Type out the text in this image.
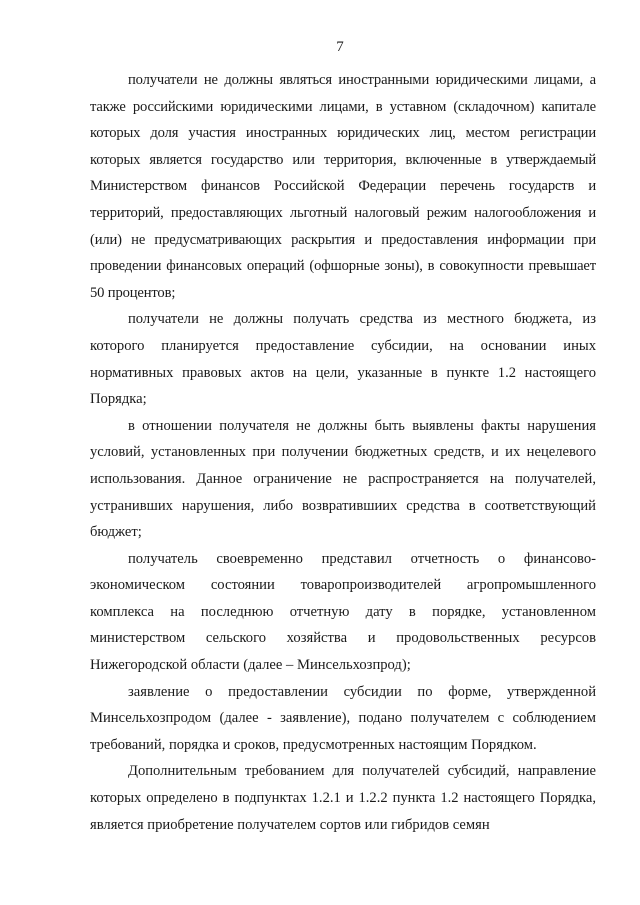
7

получатели не должны являться иностранными юридическими лицами, а также российскими юридическими лицами, в уставном (складочном) капитале которых доля участия иностранных юридических лиц, местом регистрации которых является государство или территория, включенные в утверждаемый Министерством финансов Российской Федерации перечень государств и территорий, предоставляющих льготный налоговый режим налогообложения и (или) не предусматривающих раскрытия и предоставления информации при проведении финансовых операций (офшорные зоны), в совокупности превышает 50 процентов;

получатели не должны получать средства из местного бюджета, из которого планируется предоставление субсидии, на основании иных нормативных правовых актов на цели, указанные в пункте 1.2 настоящего Порядка;

в отношении получателя не должны быть выявлены факты нарушения условий, установленных при получении бюджетных средств, и их нецелевого использования. Данное ограничение не распространяется на получателей, устранивших нарушения, либо возвратившиих средства в соответствующий бюджет;

получатель своевременно представил отчетность о финансово-экономическом состоянии товаропроизводителей агропромышленного комплекса на последнюю отчетную дату в порядке, установленном министерством сельского хозяйства и продовольственных ресурсов Нижегородской области (далее – Минсельхозпрод);

заявление о предоставлении субсидии по форме, утвержденной Минсельхозпродом (далее - заявление), подано получателем с соблюдением требований, порядка и сроков, предусмотренных настоящим Порядком.

Дополнительным требованием для получателей субсидий, направление которых определено в подпунктах 1.2.1 и 1.2.2 пункта 1.2 настоящего Порядка, является приобретение получателем сортов или гибридов семян
